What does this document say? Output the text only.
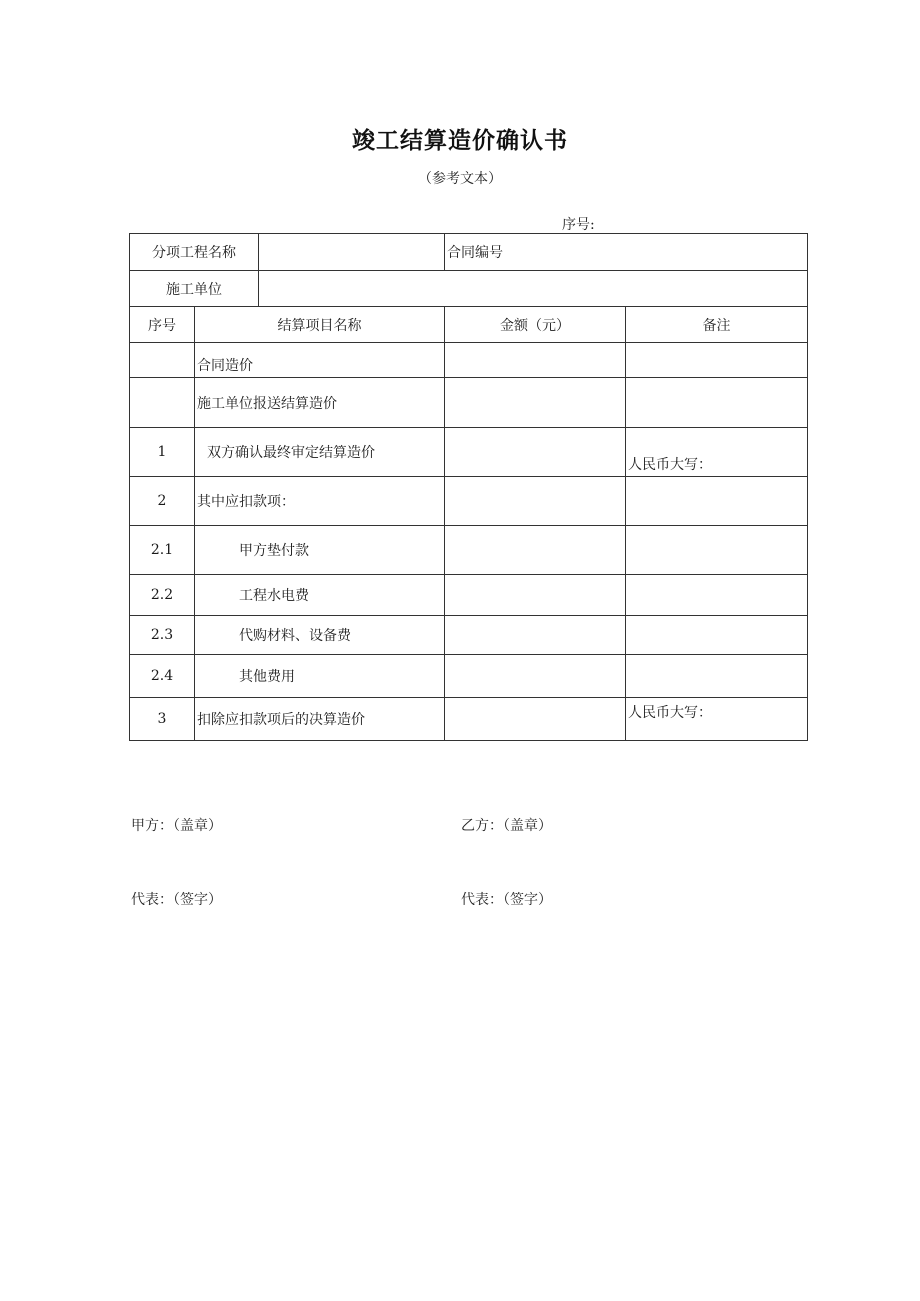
竣工结算造价确认书
（参考文本）
序号:
分项工程名称			合同编号	
施工单位				
序号	结算项目名称		金额（元）	备注
	合同造价			
	施工单位报送结算造价			
1	双方确认最终审定结算造价			人民币大写：
2	其中应扣款项：			
2.1	甲方垫付款			
2.2	工程水电费			
2.3	代购材料、设备费			
2.4	其他费用			
3	扣除应扣款项后的决算造价			人民币大写：
甲方：（盖章）	乙方：（盖章）
代表：（签字）	代表：（签字）
